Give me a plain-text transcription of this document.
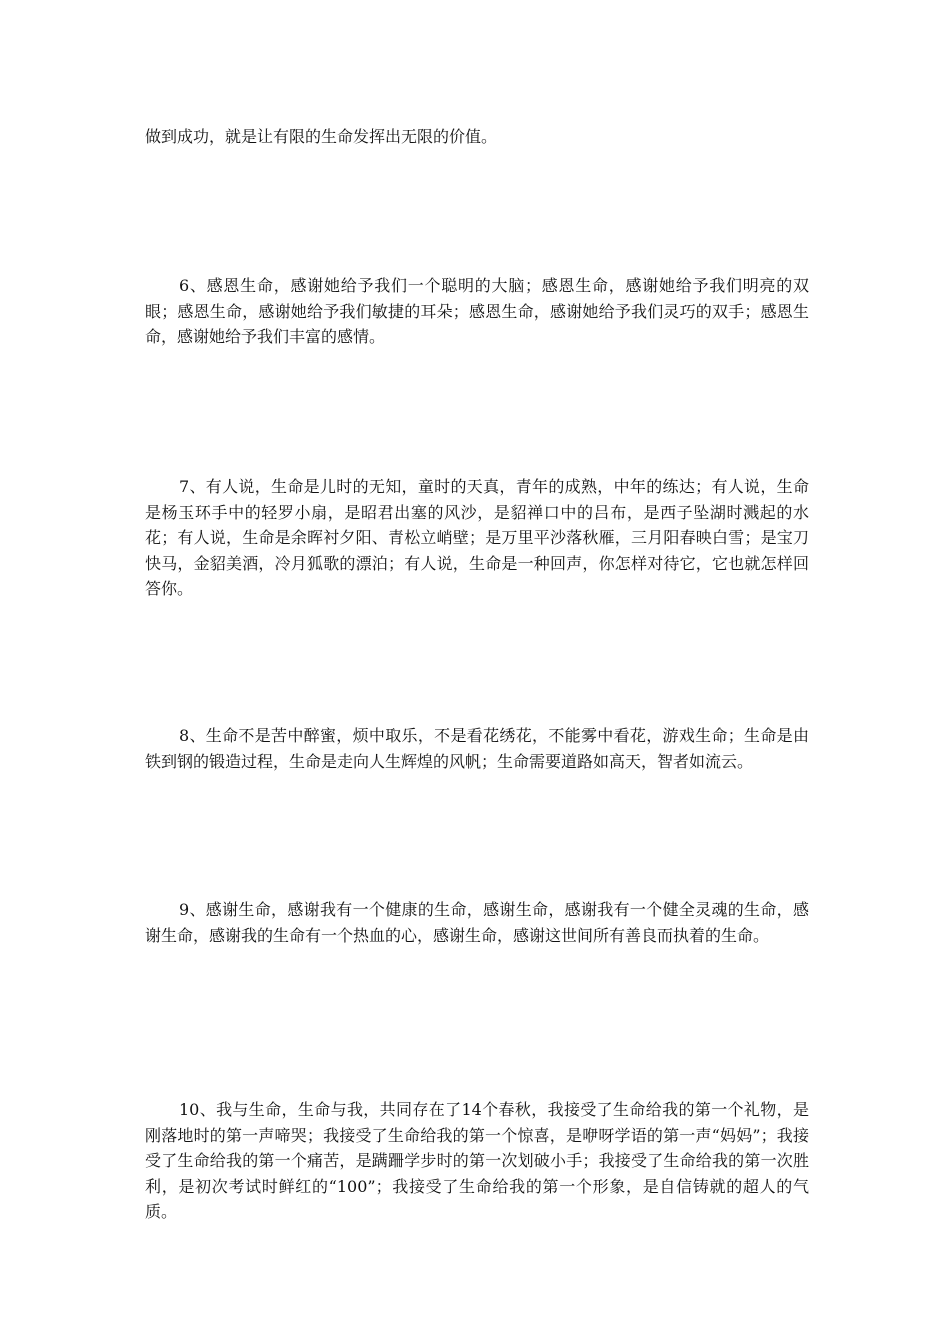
做到成功，就是让有限的生命发挥出无限的价值。

6、感恩生命，感谢她给予我们一个聪明的大脑；感恩生命，感谢她给予我们明亮的双眼；感恩生命，感谢她给予我们敏捷的耳朵；感恩生命，感谢她给予我们灵巧的双手；感恩生命，感谢她给予我们丰富的感情。

7、有人说，生命是儿时的无知，童时的天真，青年的成熟，中年的练达；有人说，生命是杨玉环手中的轻罗小扇，是昭君出塞的风沙，是貂禅口中的吕布，是西子坠湖时溅起的水花；有人说，生命是余晖衬夕阳、青松立峭壁；是万里平沙落秋雁，三月阳春映白雪；是宝刀快马，金貂美酒，冷月狐歌的漂泊；有人说，生命是一种回声，你怎样对待它，它也就怎样回答你。

8、生命不是苦中醉蜜，烦中取乐，不是看花绣花，不能雾中看花，游戏生命；生命是由铁到钢的锻造过程，生命是走向人生辉煌的风帆；生命需要道路如高天，智者如流云。

9、感谢生命，感谢我有一个健康的生命，感谢生命，感谢我有一个健全灵魂的生命，感谢生命，感谢我的生命有一个热血的心，感谢生命，感谢这世间所有善良而执着的生命。

10、我与生命，生命与我，共同存在了14个春秋，我接受了生命给我的第一个礼物，是刚落地时的第一声啼哭；我接受了生命给我的第一个惊喜，是咿呀学语的第一声“妈妈”；我接受了生命给我的第一个痛苦，是蹒跚学步时的第一次划破小手；我接受了生命给我的第一次胜利，是初次考试时鲜红的“100”；我接受了生命给我的第一个形象，是自信铸就的超人的气质。
